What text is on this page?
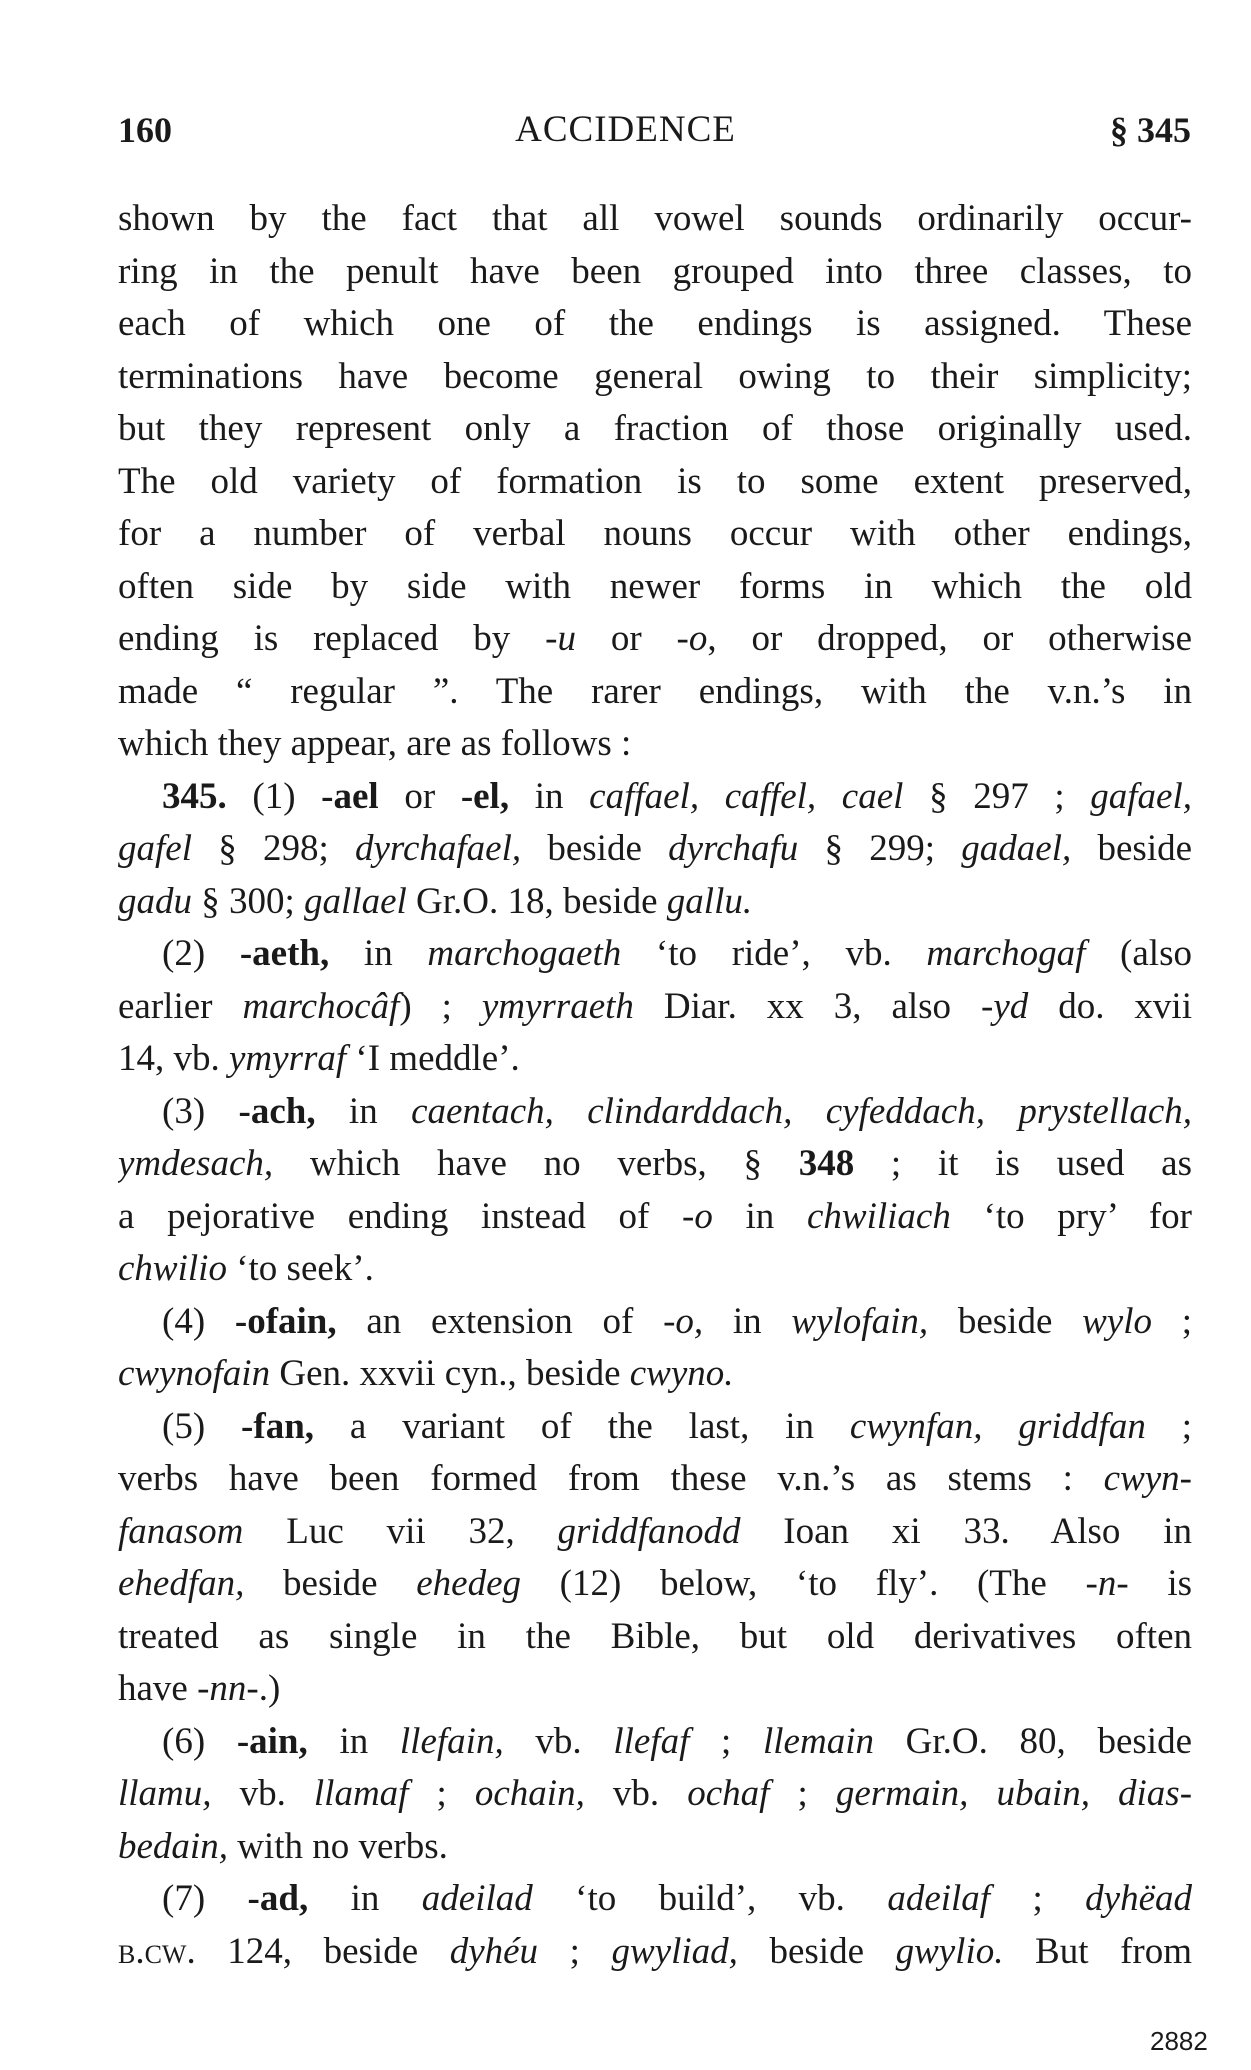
160	ACCIDENCE	§ 345
shown by the fact that all vowel sounds ordinarily occur-
ring in the penult have been grouped into three classes, to
each of which one of the endings is assigned. These
terminations have become general owing to their simplicity;
but they represent only a fraction of those originally used.
The old variety of formation is to some extent preserved,
for a number of verbal nouns occur with other endings,
often side by side with newer forms in which the old
ending is replaced by -u or -o, or dropped, or otherwise
made “ regular ”. The rarer endings, with the v.n.’s in
which they appear, are as follows :
345. (1) -ael or -el, in caffael, caffel, cael § 297 ; gafael,
gafel § 298; dyrchafael, beside dyrchafu § 299; gadael, beside
gadu § 300; gallael Gr.O. 18, beside gallu.
(2) -aeth, in marchogaeth ‘to ride’, vb. marchogaf (also
earlier marchocâf) ; ymyrraeth Diar. xx 3, also -yd do. xvii
14, vb. ymyrraf ‘I meddle’.
(3) -ach, in caentach, clindarddach, cyfeddach, prystellach,
ymdesach, which have no verbs, § 348 ; it is used as
a pejorative ending instead of -o in chwiliach ‘to pry’ for
chwilio ‘to seek’.
(4) -ofain, an extension of -o, in wylofain, beside wylo ;
cwynofain Gen. xxvii cyn., beside cwyno.
(5) -fan, a variant of the last, in cwynfan, griddfan ;
verbs have been formed from these v.n.’s as stems : cwyn-
fanasom Luc vii 32, griddfanodd Ioan xi 33. Also in
ehedfan, beside ehedeg (12) below, ‘to fly’. (The -n- is
treated as single in the Bible, but old derivatives often
have -nn-.)
(6) -ain, in llefain, vb. llefaf ; llemain Gr.O. 80, beside
llamu, vb. llamaf ; ochain, vb. ochaf ; germain, ubain, dias-
bedain, with no verbs.
(7) -ad, in adeilad ‘to build’, vb. adeilaf ; dyhëad
b.cw. 124, beside dyhéu ; gwyliad, beside gwylio. But from
2882
